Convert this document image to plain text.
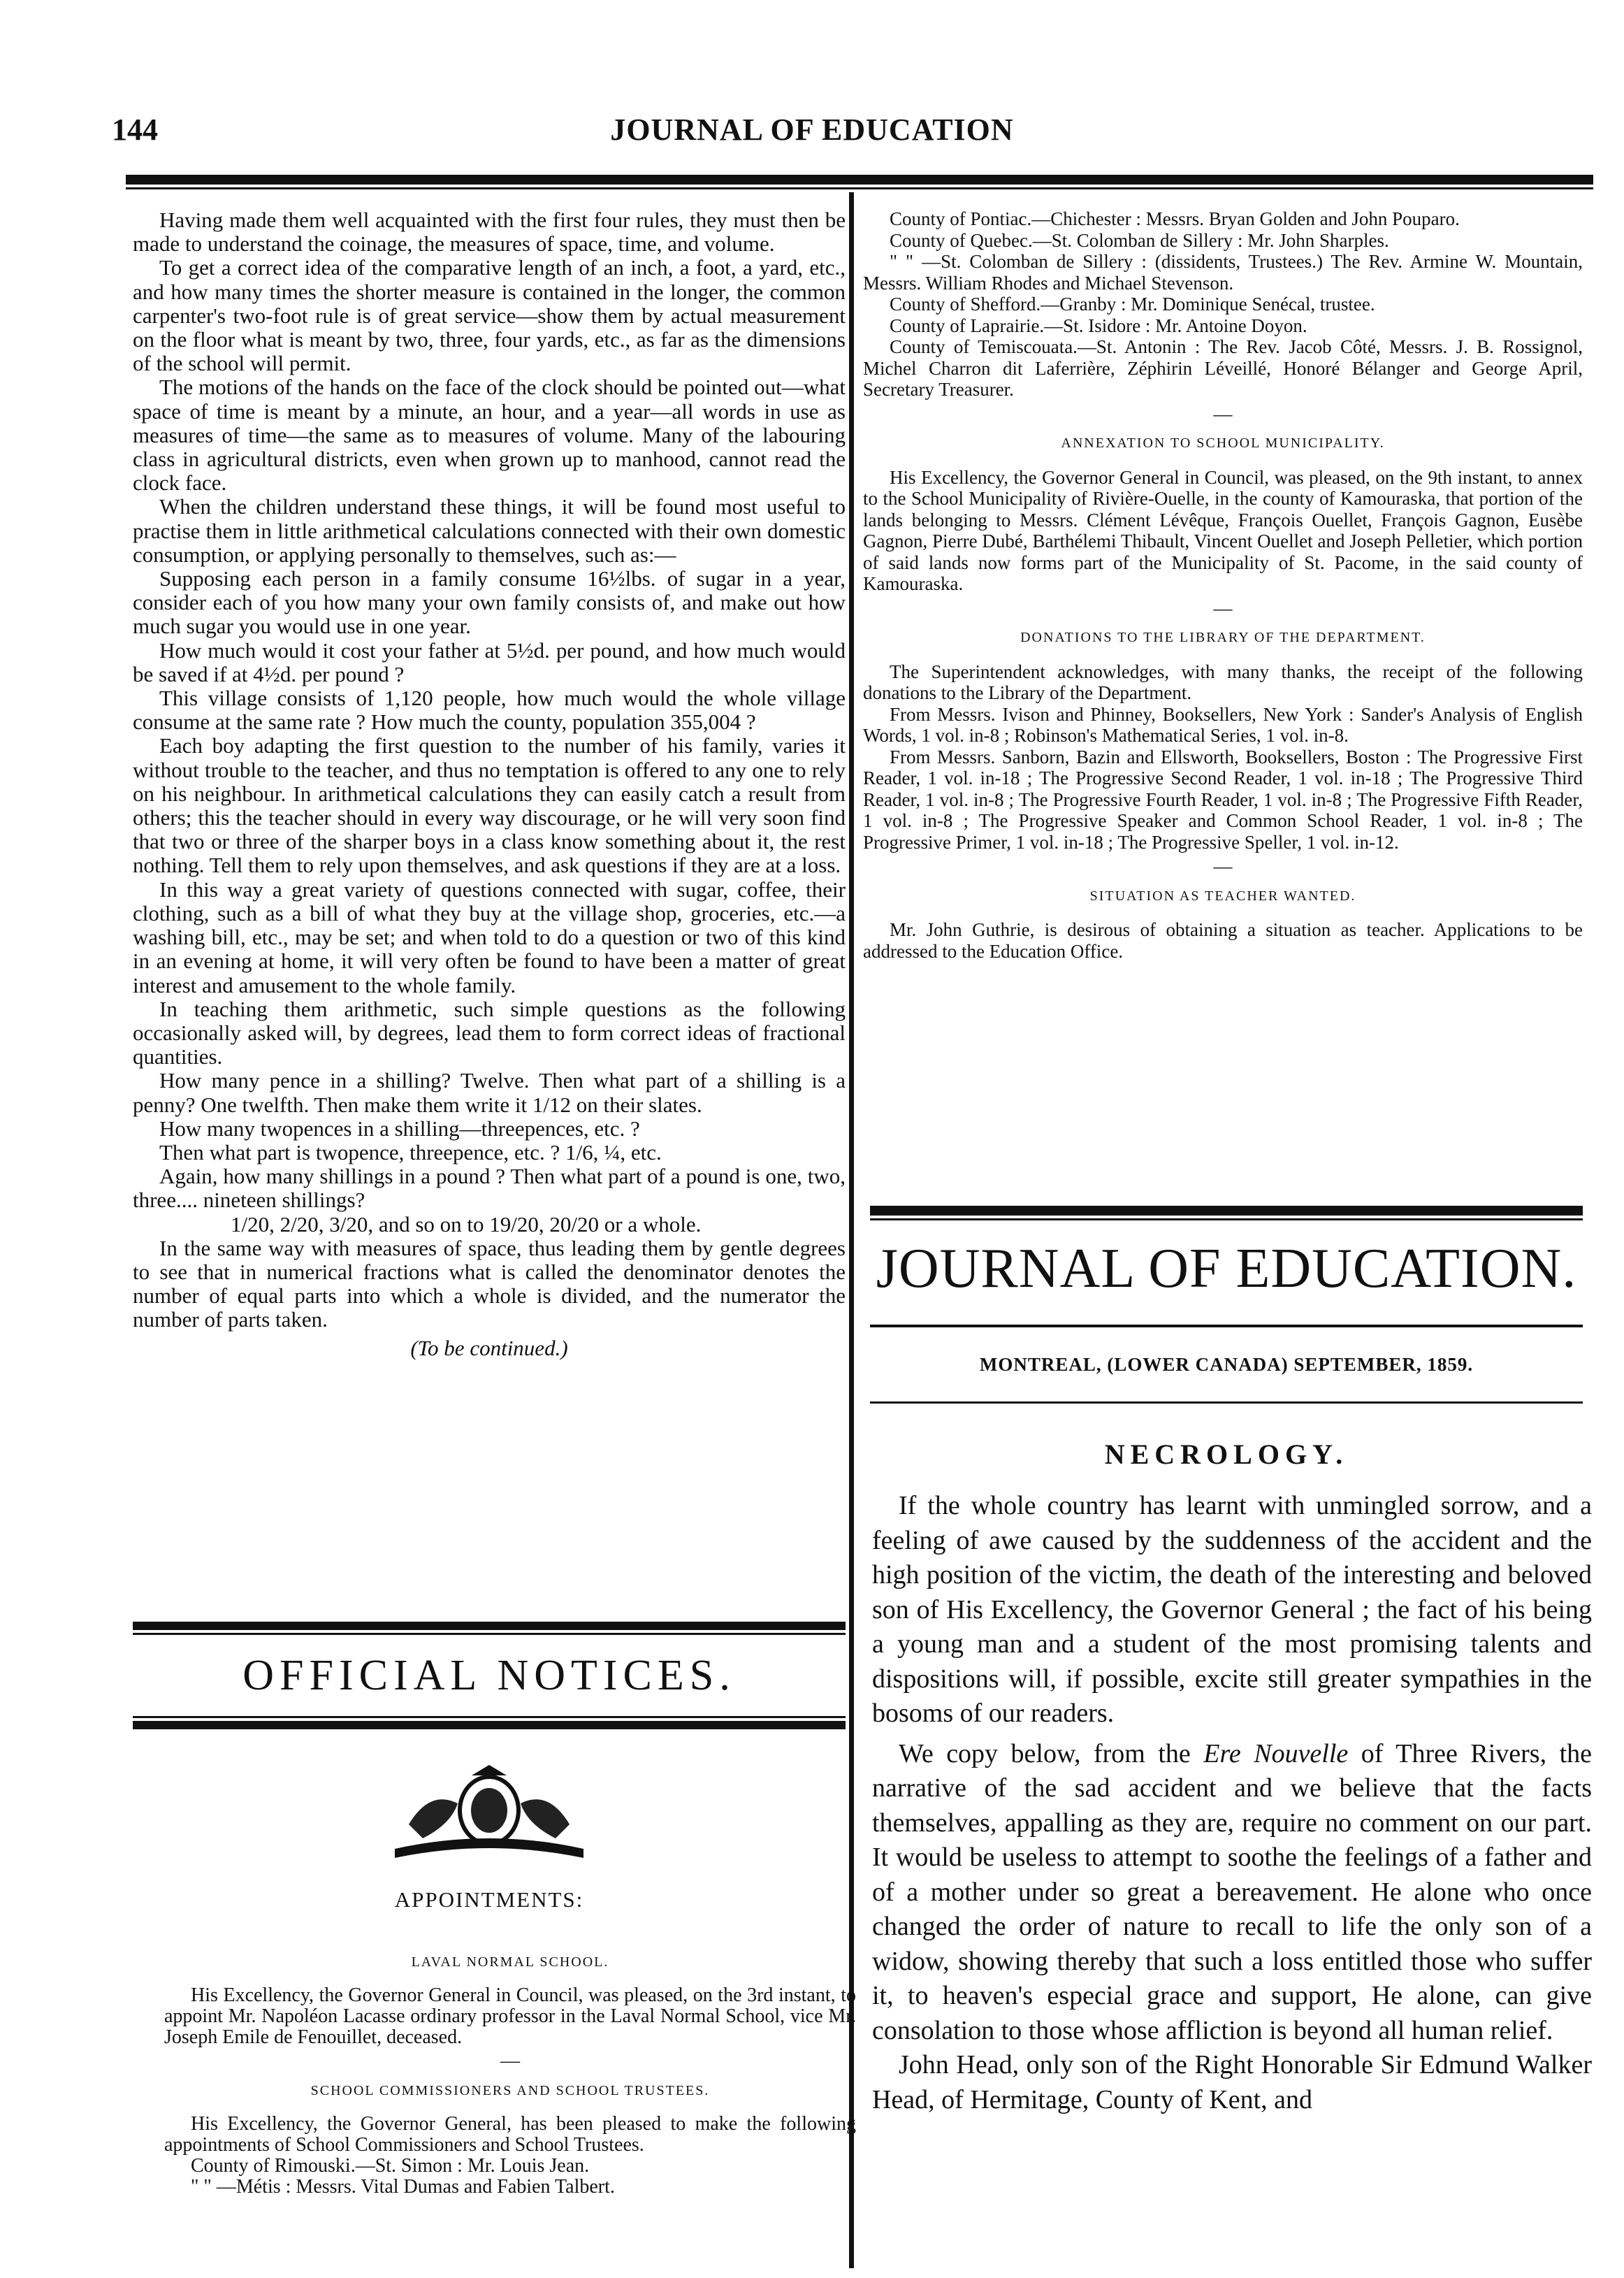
144	JOURNAL OF EDUCATION

Having made them well acquainted with the first four rules, they must then be made to understand the coinage, the measures of space, time, and volume.

To get a correct idea of the comparative length of an inch, a foot, a yard, etc., and how many times the shorter measure is contained in the longer, the common carpenter's two-foot rule is of great service—show them by actual measurement on the floor what is meant by two, three, four yards, etc., as far as the dimensions of the school will permit.

The motions of the hands on the face of the clock should be pointed out—what space of time is meant by a minute, an hour, and a year—all words in use as measures of time—the same as to measures of volume. Many of the labouring class in agricultural districts, even when grown up to manhood, cannot read the clock face.

When the children understand these things, it will be found most useful to practise them in little arithmetical calculations connected with their own domestic consumption, or applying personally to themselves, such as:—

Supposing each person in a family consume 16½lbs. of sugar in a year, consider each of you how many your own family consists of, and make out how much sugar you would use in one year.

How much would it cost your father at 5½d. per pound, and how much would be saved if at 4½d. per pound ?

This village consists of 1,120 people, how much would the whole village consume at the same rate ? How much the county, population 355,004 ?

Each boy adapting the first question to the number of his family, varies it without trouble to the teacher, and thus no temptation is offered to any one to rely on his neighbour. In arithmetical calculations they can easily catch a result from others; this the teacher should in every way discourage, or he will very soon find that two or three of the sharper boys in a class know something about it, the rest nothing. Tell them to rely upon themselves, and ask questions if they are at a loss.

In this way a great variety of questions connected with sugar, coffee, their clothing, such as a bill of what they buy at the village shop, groceries, etc.—a washing bill, etc., may be set; and when told to do a question or two of this kind in an evening at home, it will very often be found to have been a matter of great interest and amusement to the whole family.

In teaching them arithmetic, such simple questions as the following occasionally asked will, by degrees, lead them to form correct ideas of fractional quantities.

How many pence in a shilling? Twelve. Then what part of a shilling is a penny? One twelfth. Then make them write it 1/12 on their slates.

How many twopences in a shilling—threepences, etc. ?

Then what part is twopence, threepence, etc. ? 1/6, ¼, etc.

Again, how many shillings in a pound ? Then what part of a pound is one, two, three.... nineteen shillings?

1/20, 2/20, 3/20, and so on to 19/20, 20/20 or a whole.

In the same way with measures of space, thus leading them by gentle degrees to see that in numerical fractions what is called the denominator denotes the number of equal parts into which a whole is divided, and the numerator the number of parts taken.

(To be continued.)

OFFICIAL NOTICES.
APPOINTMENTS:

LAVAL NORMAL SCHOOL.

His Excellency, the Governor General in Council, was pleased, on the 3rd instant, to appoint Mr. Napoléon Lacasse ordinary professor in the Laval Normal School, vice Mr. Joseph Emile de Fenouillet, deceased.

—

SCHOOL COMMISSIONERS AND SCHOOL TRUSTEES.

His Excellency, the Governor General, has been pleased to make the following appointments of School Commissioners and School Trustees.

County of Rimouski.—St. Simon : Mr. Louis Jean.

" " —Métis : Messrs. Vital Dumas and Fabien Talbert.

County of Pontiac.—Chichester : Messrs. Bryan Golden and John Pouparo.

County of Quebec.—St. Colomban de Sillery : Mr. John Sharples.

" " —St. Colomban de Sillery : (dissidents, Trustees.) The Rev. Armine W. Mountain, Messrs. William Rhodes and Michael Stevenson.

County of Shefford.—Granby : Mr. Dominique Senécal, trustee.

County of Laprairie.—St. Isidore : Mr. Antoine Doyon.

County of Temiscouata.—St. Antonin : The Rev. Jacob Côté, Messrs. J. B. Rossignol, Michel Charron dit Laferrière, Zéphirin Léveillé, Honoré Bélanger and George April, Secretary Treasurer.

—

ANNEXATION TO SCHOOL MUNICIPALITY.

His Excellency, the Governor General in Council, was pleased, on the 9th instant, to annex to the School Municipality of Rivière-Ouelle, in the county of Kamouraska, that portion of the lands belonging to Messrs. Clément Lévêque, François Ouellet, François Gagnon, Eusèbe Gagnon, Pierre Dubé, Barthélemi Thibault, Vincent Ouellet and Joseph Pelletier, which portion of said lands now forms part of the Municipality of St. Pacome, in the said county of Kamouraska.

—

DONATIONS TO THE LIBRARY OF THE DEPARTMENT.

The Superintendent acknowledges, with many thanks, the receipt of the following donations to the Library of the Department.

From Messrs. Ivison and Phinney, Booksellers, New York : Sander's Analysis of English Words, 1 vol. in-8 ; Robinson's Mathematical Series, 1 vol. in-8.

From Messrs. Sanborn, Bazin and Ellsworth, Booksellers, Boston : The Progressive First Reader, 1 vol. in-18 ; The Progressive Second Reader, 1 vol. in-18 ; The Progressive Third Reader, 1 vol. in-8 ; The Progressive Fourth Reader, 1 vol. in-8 ; The Progressive Fifth Reader, 1 vol. in-8 ; The Progressive Speaker and Common School Reader, 1 vol. in-8 ; The Progressive Primer, 1 vol. in-18 ; The Progressive Speller, 1 vol. in-12.

—

SITUATION AS TEACHER WANTED.

Mr. John Guthrie, is desirous of obtaining a situation as teacher. Applications to be addressed to the Education Office.

JOURNAL OF EDUCATION.
MONTREAL, (LOWER CANADA) SEPTEMBER, 1859.
NECROLOGY.

If the whole country has learnt with unmingled sorrow, and a feeling of awe caused by the suddenness of the accident and the high position of the victim, the death of the interesting and beloved son of His Excellency, the Governor General ; the fact of his being a young man and a student of the most promising talents and dispositions will, if possible, excite still greater sympathies in the bosoms of our readers.

We copy below, from the Ere Nouvelle of Three Rivers, the narrative of the sad accident and we believe that the facts themselves, appalling as they are, require no comment on our part. It would be useless to attempt to soothe the feelings of a father and of a mother under so great a bereavement. He alone who once changed the order of nature to recall to life the only son of a widow, showing thereby that such a loss entitled those who suffer it, to heaven's especial grace and support, He alone, can give consolation to those whose affliction is beyond all human relief.

John Head, only son of the Right Honorable Sir Edmund Walker Head, of Hermitage, County of Kent, and
